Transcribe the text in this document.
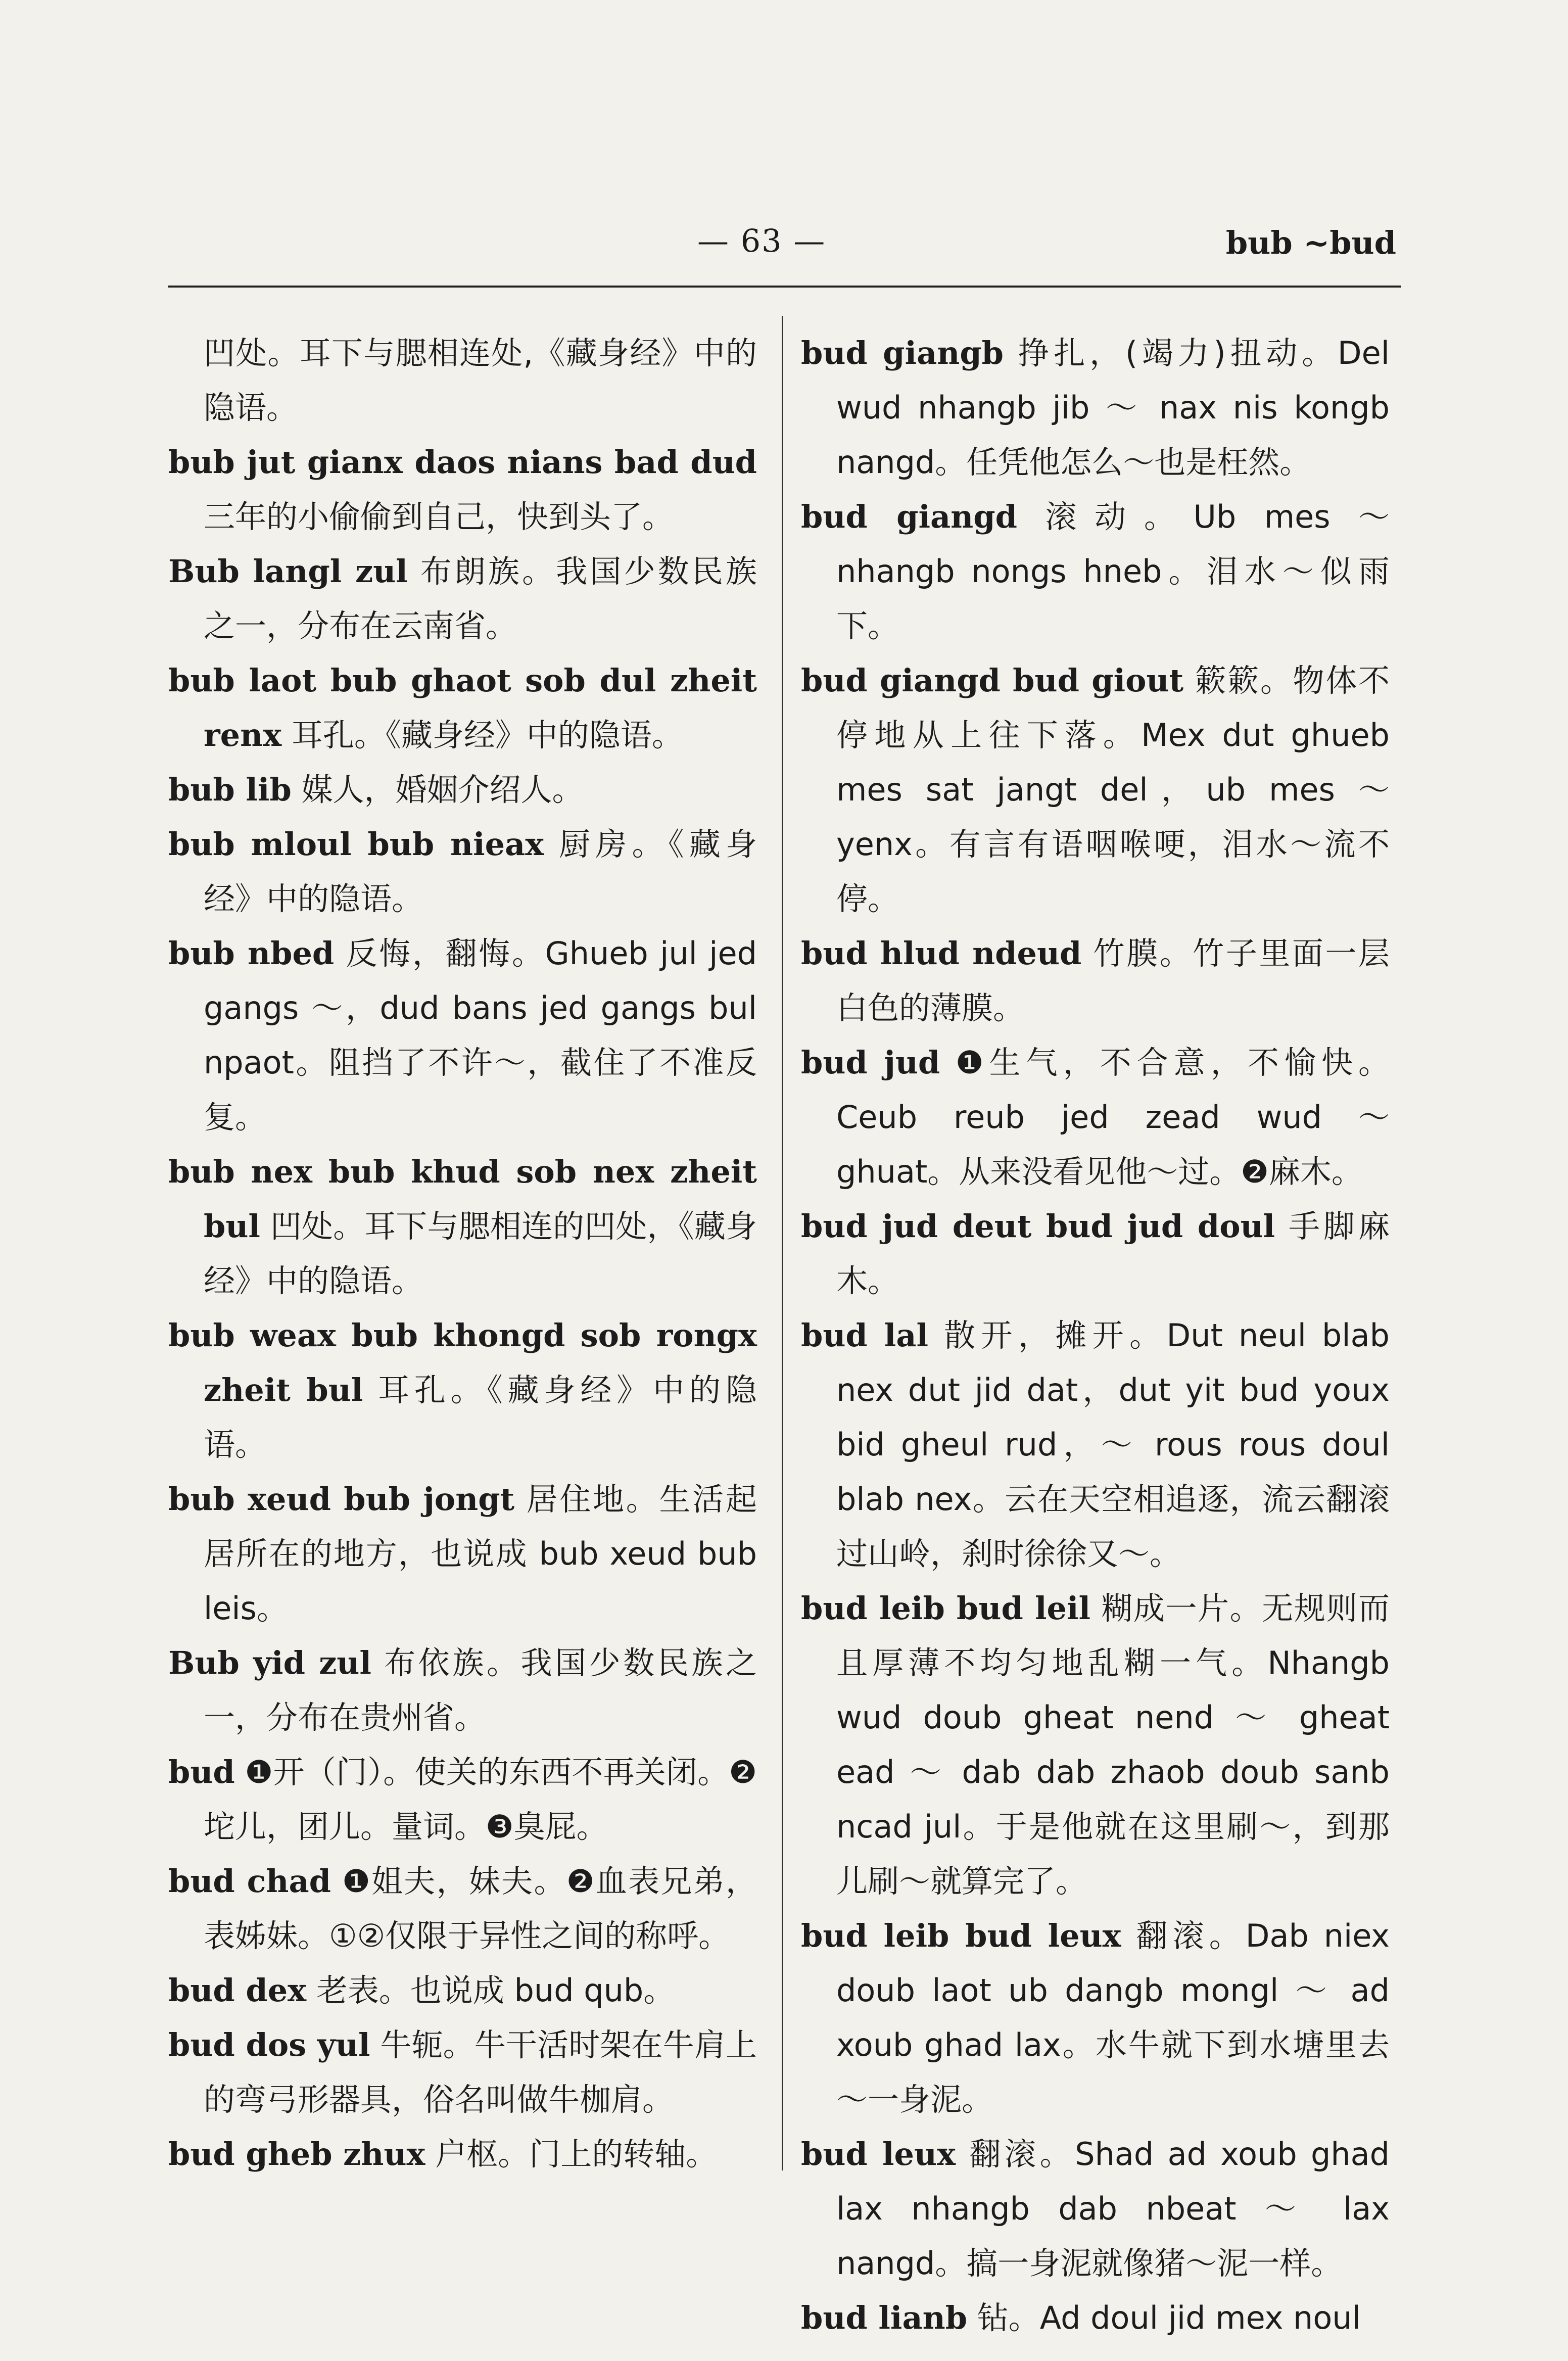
— 63 —	bub ~bud
凹处。耳下与腮相连处,《藏身经》中的隐语。
bub jut gianx daos nians bad dud 三年的小偷偷到自己，快到头了。
Bub langl zul 布朗族。我国少数民族之一，分布在云南省。
bub laot bub ghaot sob dul zheit renx 耳孔。《藏身经》中的隐语。
bub lib 媒人，婚姻介绍人。
bub mloul bub nieax 厨房。《藏身经》中的隐语。
bub nbed 反悔，翻悔。Ghueb jul jed gangs ～，dud bans jed gangs bul npaot。阻挡了不许～，截住了不准反复。
bub nex bub khud sob nex zheit bul 凹处。耳下与腮相连的凹处，《藏身经》中的隐语。
bub weax bub khongd sob rongx zheit bul 耳孔。《藏身经》中的隐语。
bub xeud bub jongt 居住地。生活起居所在的地方，也说成 bub xeud bub leis。
Bub yid zul 布依族。我国少数民族之一，分布在贵州省。
bud ❶开（门）。使关的东西不再关闭。❷坨儿，团儿。量词。❸臭屁。
bud chad ❶姐夫，妹夫。❷血表兄弟，表姊妹。①②仅限于异性之间的称呼。
bud dex 老表。也说成 bud qub。
bud dos yul 牛轭。牛干活时架在牛肩上的弯弓形器具，俗名叫做牛枷肩。
bud gheb zhux 户枢。门上的转轴。
bud giangb 挣扎，(竭力)扭动。Del wud nhangb jib ～ nax nis kongb nangd。任凭他怎么～也是枉然。
bud giangd 滚动。Ub mes ～ nhangb nongs hneb。泪水～似雨下。
bud giangd bud giout 簌簌。物体不停地从上往下落。Mex dut ghueb mes sat jangt del，ub mes ～ yenx。有言有语咽喉哽，泪水～流不停。
bud hlud ndeud 竹膜。竹子里面一层白色的薄膜。
bud jud ❶生气，不合意，不愉快。Ceub reub jed zead wud ～ ghuat。从来没看见他～过。❷麻木。
bud jud deut bud jud doul 手脚麻木。
bud lal 散开，摊开。Dut neul blab nex dut jid dat，dut yit bud youx bid gheul rud，～ rous rous doul blab nex。云在天空相追逐，流云翻滚过山岭，刹时徐徐又～。
bud leib bud leil 糊成一片。无规则而且厚薄不均匀地乱糊一气。Nhangb wud doub gheat nend ～ gheat ead ～ dab dab zhaob doub sanb ncad jul。于是他就在这里刷～，到那儿刷～就算完了。
bud leib bud leux 翻滚。Dab niex doub laot ub dangb mongl ～ ad xoub ghad lax。水牛就下到水塘里去～一身泥。
bud leux 翻滚。Shad ad xoub ghad lax nhangb dab nbeat ～ lax nangd。搞一身泥就像猪～泥一样。
bud lianb 钻。Ad doul jid mex noul
